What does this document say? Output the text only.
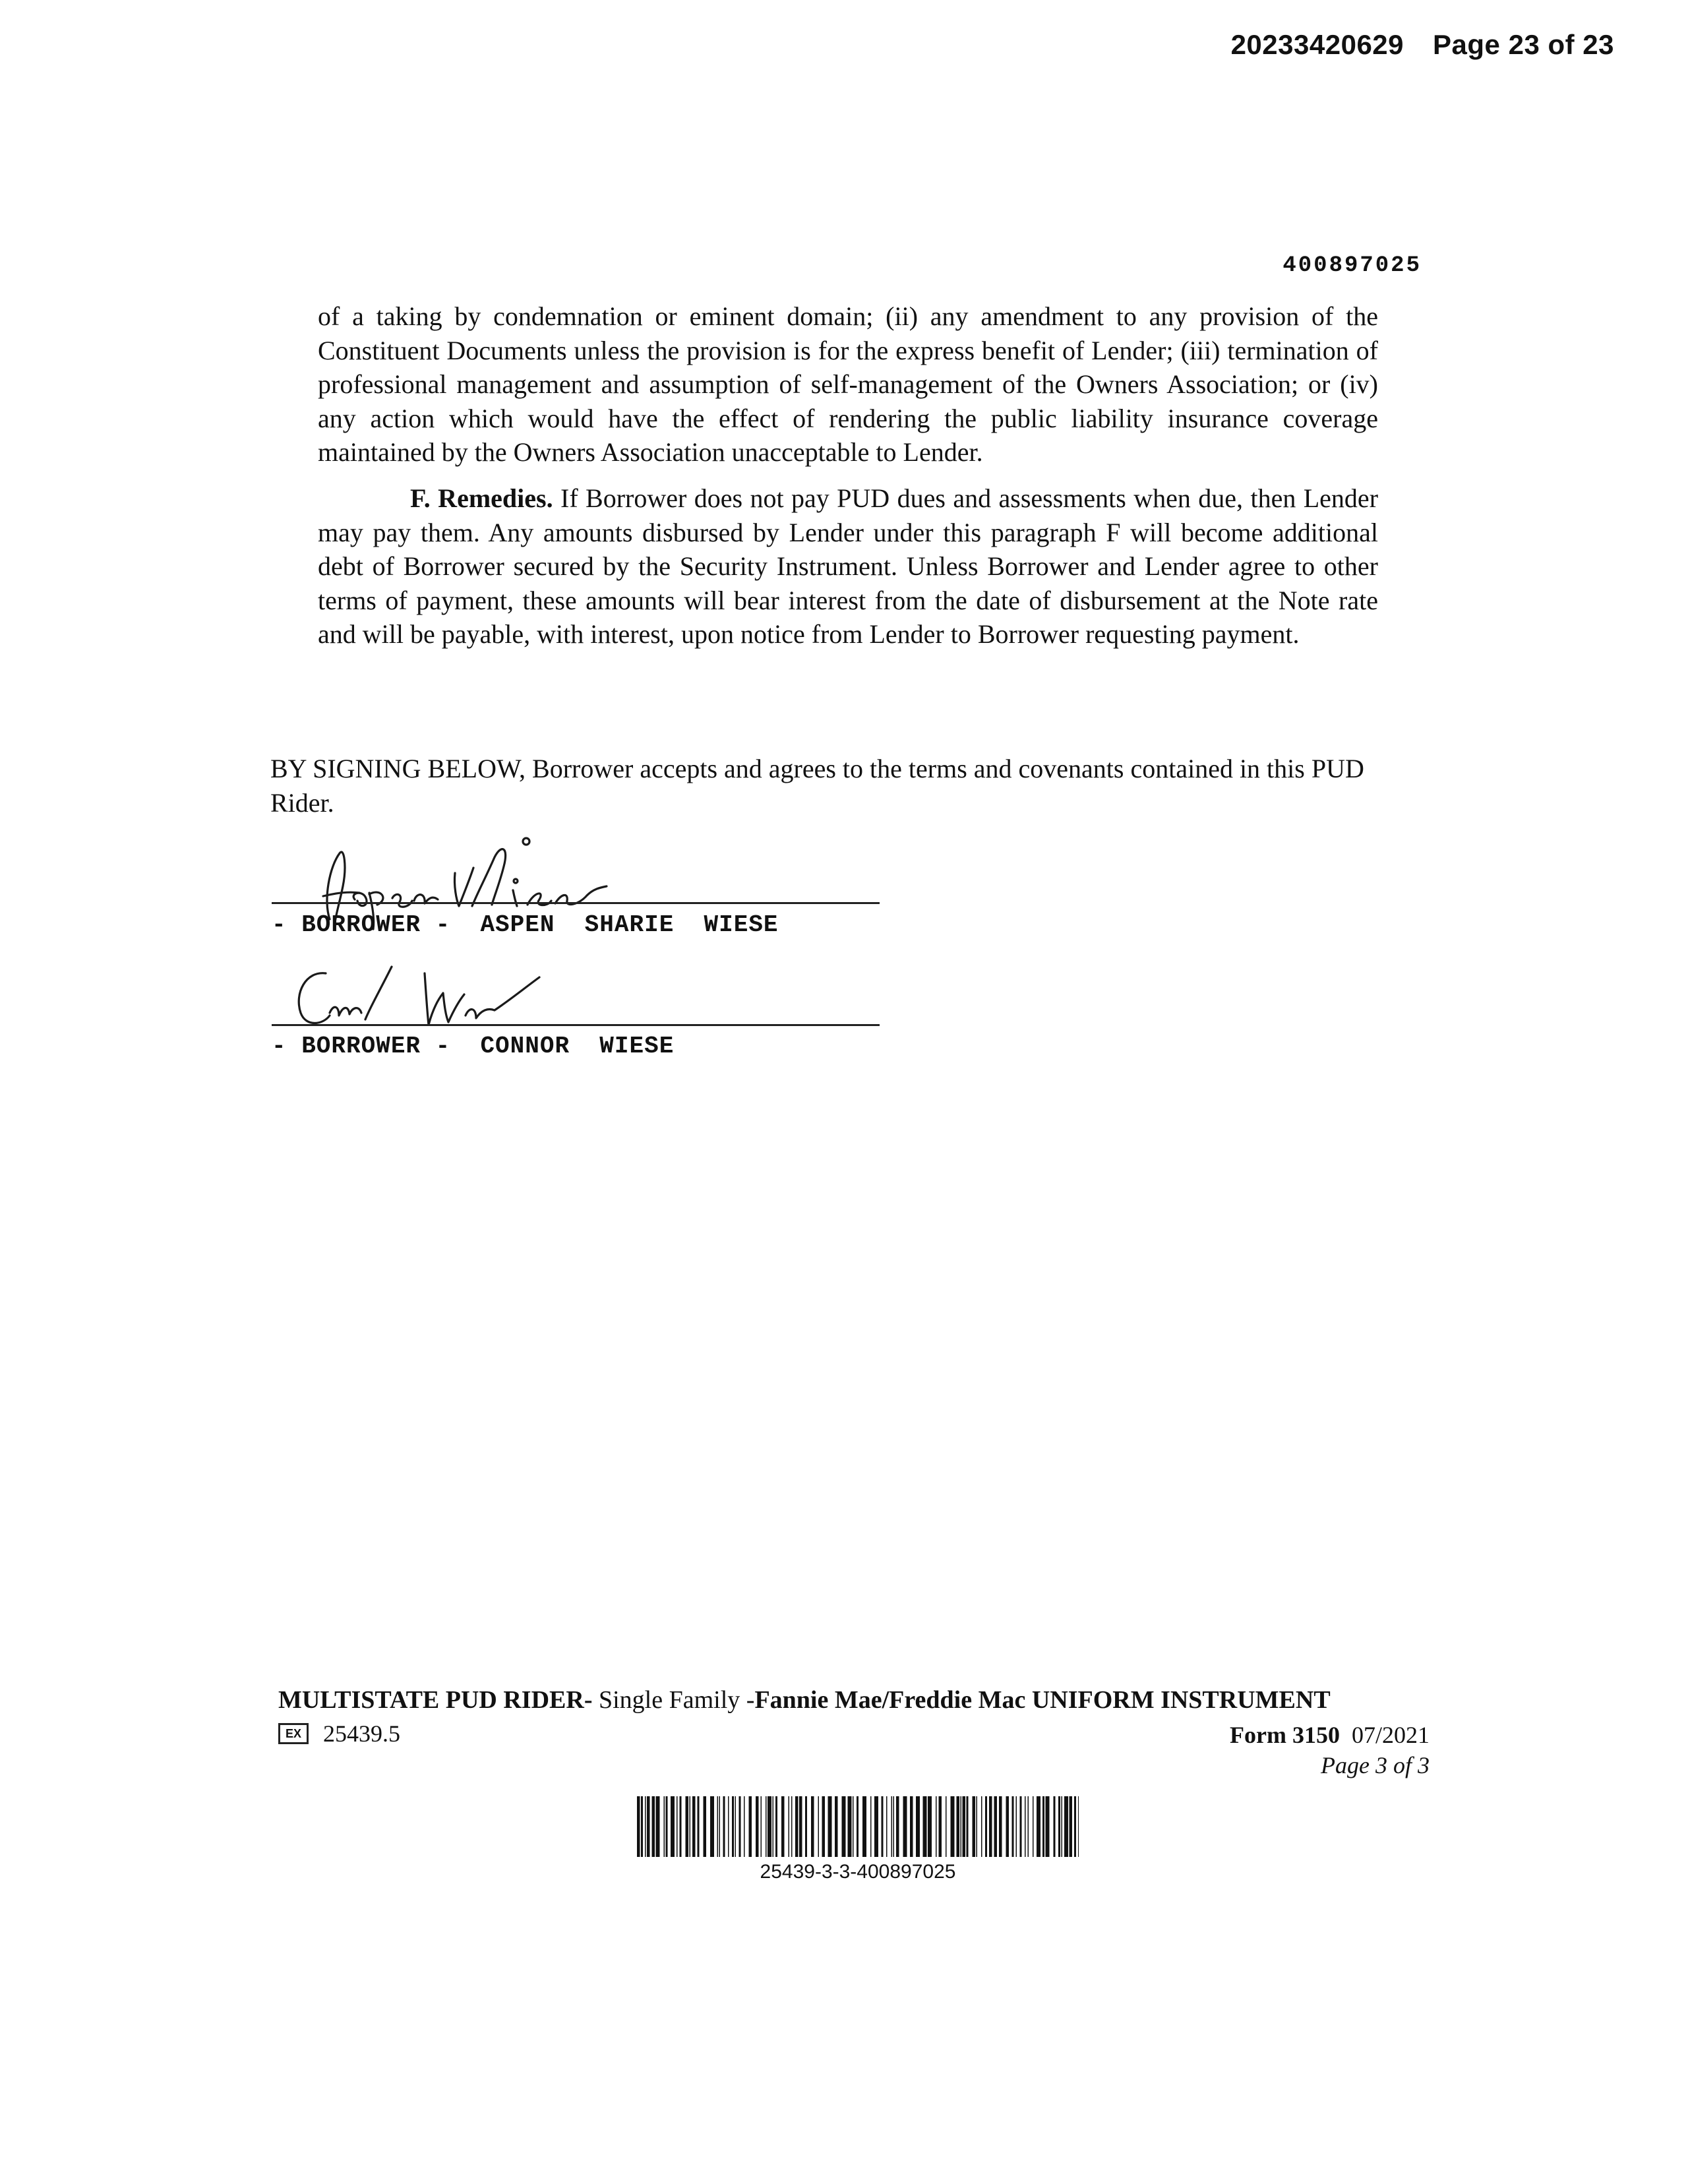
20233420629 Page 23 of 23
400897025

of a taking by condemnation or eminent domain; (ii) any amendment to any provision of the Constituent Documents unless the provision is for the express benefit of Lender; (iii) termination of professional management and assumption of self-management of the Owners Association; or (iv) any action which would have the effect of rendering the public liability insurance coverage maintained by the Owners Association unacceptable to Lender.

F. Remedies. If Borrower does not pay PUD dues and assessments when due, then Lender may pay them. Any amounts disbursed by Lender under this paragraph F will become additional debt of Borrower secured by the Security Instrument. Unless Borrower and Lender agree to other terms of payment, these amounts will bear interest from the date of disbursement at the Note rate and will be payable, with interest, upon notice from Lender to Borrower requesting payment.

BY SIGNING BELOW, Borrower accepts and agrees to the terms and covenants contained in this PUD Rider.

- BORROWER -  ASPEN  SHARIE  WIESE
- BORROWER -  CONNOR  WIESE
MULTISTATE PUD RIDER- Single Family -Fannie Mae/Freddie Mac UNIFORM INSTRUMENT
EX 25439.5	Form 3150 07/2021
Page 3 of 3
25439-3-3-400897025
